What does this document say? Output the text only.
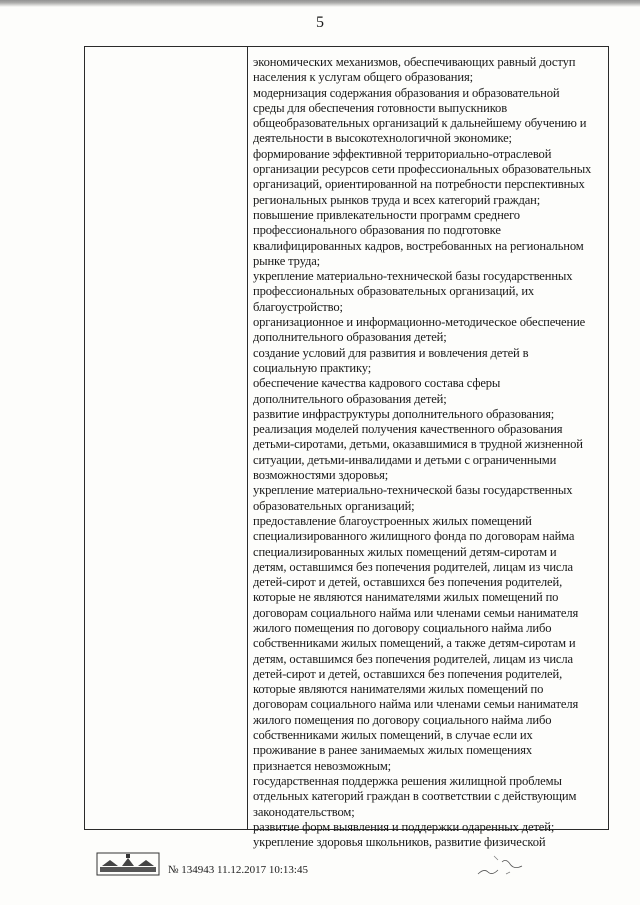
5
экономических механизмов, обеспечивающих равный доступ
населения к услугам общего образования;
модернизация содержания образования и образовательной
среды для обеспечения готовности выпускников
общеобразовательных организаций к дальнейшему обучению и
деятельности в высокотехнологичной экономике;
формирование эффективной территориально-отраслевой
организации ресурсов сети профессиональных образовательных
организаций, ориентированной на потребности перспективных
региональных рынков труда и всех категорий граждан;
повышение привлекательности программ среднего
профессионального образования по подготовке
квалифицированных кадров, востребованных на региональном
рынке труда;
укрепление материально-технической базы государственных
профессиональных образовательных организаций, их
благоустройство;
организационное и информационно-методическое обеспечение
дополнительного образования детей;
создание условий для развития и вовлечения детей в
социальную практику;
обеспечение качества кадрового состава сферы
дополнительного образования детей;
развитие инфраструктуры дополнительного образования;
реализация моделей получения качественного образования
детьми-сиротами, детьми, оказавшимися в трудной жизненной
ситуации, детьми-инвалидами и детьми с ограниченными
возможностями здоровья;
укрепление материально-технической базы государственных
образовательных организаций;
предоставление благоустроенных жилых помещений
специализированного жилищного фонда по договорам найма
специализированных жилых помещений детям-сиротам и
детям, оставшимся без попечения родителей, лицам из числа
детей-сирот и детей, оставшихся без попечения родителей,
которые не являются нанимателями жилых помещений по
договорам социального найма или членами семьи нанимателя
жилого помещения по договору социального найма либо
собственниками жилых помещений, а также детям-сиротам и
детям, оставшимся без попечения родителей, лицам из числа
детей-сирот и детей, оставшихся без попечения родителей,
которые являются нанимателями жилых помещений по
договорам социального найма или членами семьи нанимателя
жилого помещения по договору социального найма либо
собственниками жилых помещений, в случае если их
проживание в ранее занимаемых жилых помещениях
признается невозможным;
государственная поддержка решения жилищной проблемы
отдельных категорий граждан в соответствии с действующим
законодательством;
развитие форм выявления и поддержки одаренных детей;
укрепление здоровья школьников, развитие физической
№ 134943 11.12.2017 10:13:45
